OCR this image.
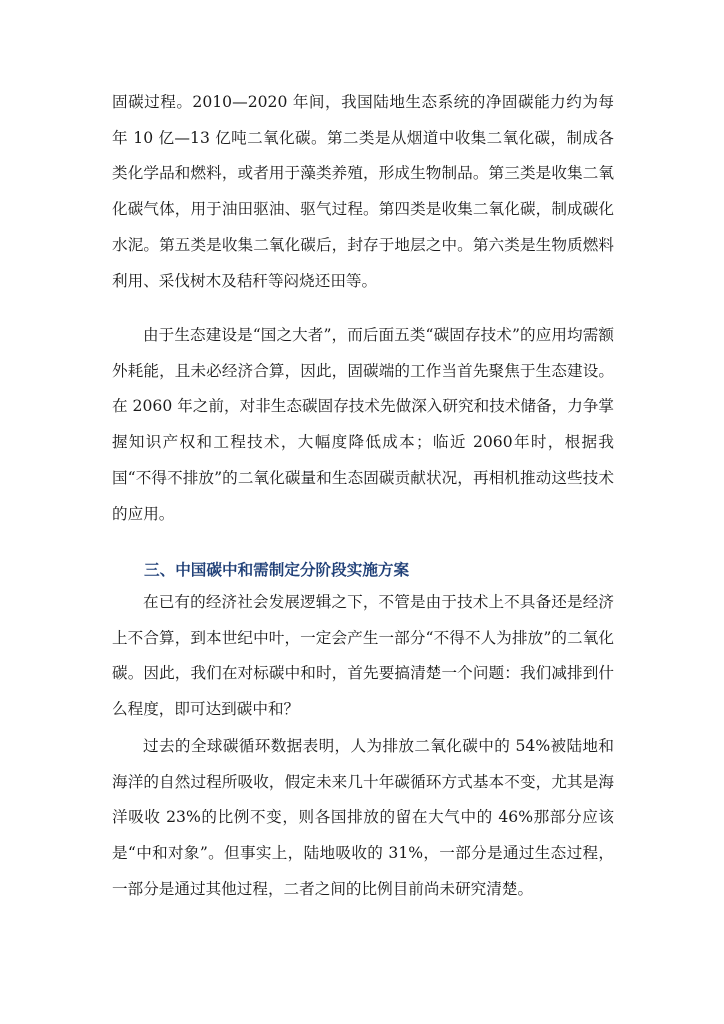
固碳过程。2010—2020 年间，我国陆地生态系统的净固碳能力约为每年 10 亿—13 亿吨二氧化碳。第二类是从烟道中收集二氧化碳，制成各类化学品和燃料，或者用于藻类养殖，形成生物制品。第三类是收集二氧化碳气体，用于油田驱油、驱气过程。第四类是收集二氧化碳，制成碳化水泥。第五类是收集二氧化碳后，封存于地层之中。第六类是生物质燃料利用、采伐树木及秸秆等闷烧还田等。

由于生态建设是“国之大者”，而后面五类“碳固存技术”的应用均需额外耗能，且未必经济合算，因此，固碳端的工作当首先聚焦于生态建设。在 2060 年之前，对非生态碳固存技术先做深入研究和技术储备，力争掌握知识产权和工程技术，大幅度降低成本；临近 2060年时，根据我国“不得不排放”的二氧化碳量和生态固碳贡献状况，再相机推动这些技术的应用。

三、中国碳中和需制定分阶段实施方案

在已有的经济社会发展逻辑之下，不管是由于技术上不具备还是经济上不合算，到本世纪中叶，一定会产生一部分“不得不人为排放”的二氧化碳。因此，我们在对标碳中和时，首先要搞清楚一个问题：我们减排到什么程度，即可达到碳中和？

过去的全球碳循环数据表明，人为排放二氧化碳中的 54%被陆地和海洋的自然过程所吸收，假定未来几十年碳循环方式基本不变，尤其是海洋吸收 23%的比例不变，则各国排放的留在大气中的 46%那部分应该是“中和对象”。但事实上，陆地吸收的 31%，一部分是通过生态过程，一部分是通过其他过程，二者之间的比例目前尚未研究清楚。
